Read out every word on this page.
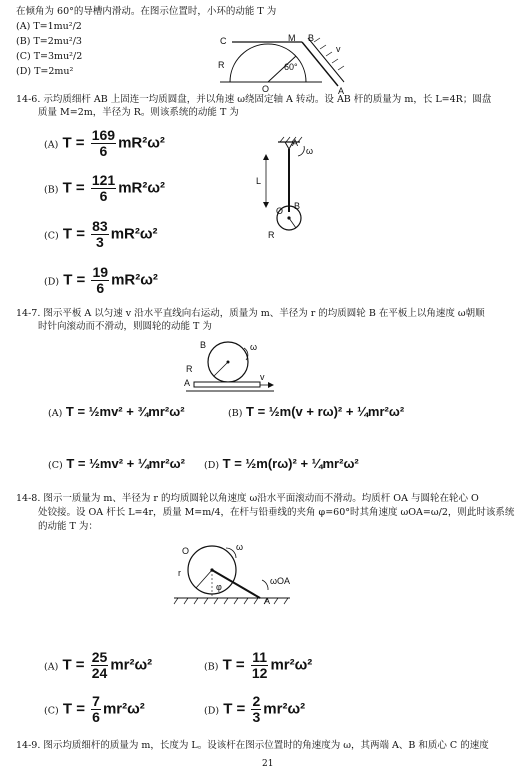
在倾角为 60°的导槽内滑动。在图示位置时，小环的动能 T 为
(A) T=1mu²/2
(B) T=2mu²/3
(C) T=3mu²/2
(D) T=2mu²
C	M B
R
O	A
v
60°
14-6. 示均质细杆 AB 上固连一均质圆盘，并以角速 ω绕固定轴 A 转动。设 AB 杆的质量为 m，长 L=4R；圆盘
质量 M=2m，半径为 R。则该系统的动能 T 为
(A) $T = \frac{169}{6} mR^2\omega^2$
(B) $T = \frac{121}{6} mR^2\omega^2$
(C) $T = \frac{83}{3} mR^2\omega^2$
(D) $T = \frac{19}{6} mR^2\omega^2$
A
ω
B
L
O
R
14-7. 图示平板 A 以匀速 v 沿水平直线向右运动，质量为 m、半径为 r 的均质圆轮 B 在平板上以角速度 ω朝顺
时针向滚动而不滑动，则圆轮的动能 T 为
B
R
A
v
ω
(A) T = ½mv² + ¾mr²ω²	(B) T = ½m(v + rω)² + ¼mr²ω²
(C) T = ½mv² + ¼mr²ω² (D) T = ½m(rω)² + ¼mr²ω²
14-8. 图示一质量为 m、半径为 r 的均质圆轮以角速度 ω沿水平面滚动而不滑动。均质杆 OA 与圆轮在轮心 O
处铰接。设 OA 杆长 L=4r，质量 M=m/4，在杆与铅垂线的夹角 φ=60°时其角速度 ωOA=ω/2，则此时该系统
的动能 T 为：
O
r
A
φ
ω
ωOA
(A) $T = \frac{25}{24} mr^2\omega^2$	(B) $T = \frac{11}{12} mr^2\omega^2$
(C) $T = \frac{7}{6} mr^2\omega^2$	(D) $T = \frac{2}{3} mr^2\omega^2$
14-9. 图示均质细杆的质量为 m，长度为 L。设该杆在图示位置时的角速度为 ω，其两端 A、B 和质心 C 的速度
21
